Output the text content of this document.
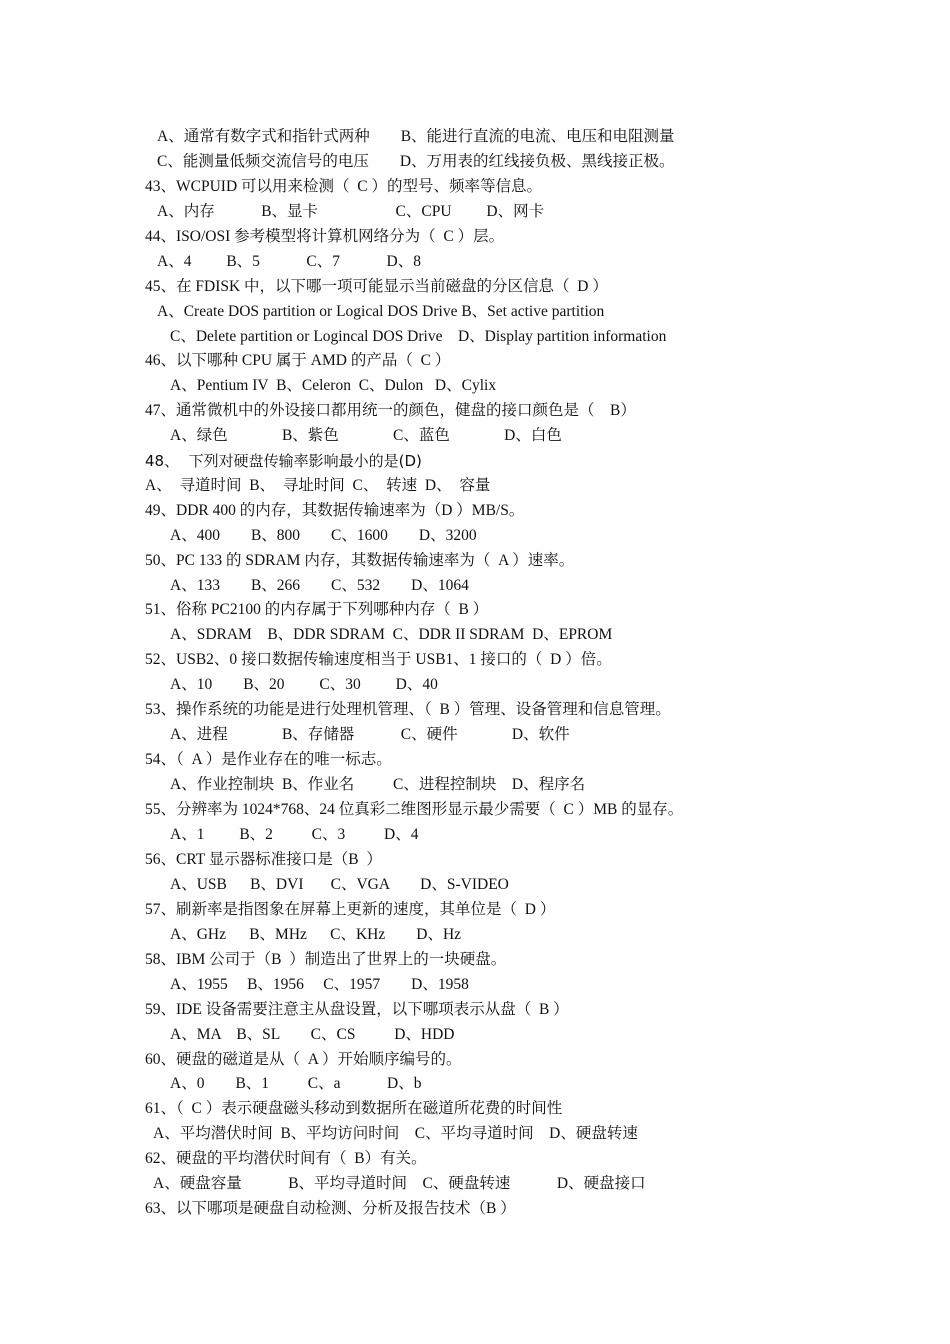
A、通常有数字式和指针式两种        B、能进行直流的电流、电压和电阻测量
C、能测量低频交流信号的电压        D、万用表的红线接负极、黑线接正极。
43、WCPUID 可以用来检测（  C ）的型号、频率等信息。
A、内存            B、显卡                    C、CPU         D、网卡
44、ISO/OSI 参考模型将计算机网络分为（  C ）层。
A、4         B、5            C、7            D、8
45、在 FDISK 中，以下哪一项可能显示当前磁盘的分区信息（  D ）
A、Create DOS partition or Logical DOS Drive B、Set active partition
C、Delete partition or Logincal DOS Drive    D、Display partition information
46、以下哪种 CPU 属于 AMD 的产品（  C ）
A、Pentium IV  B、Celeron  C、Dulon   D、Cylix
47、通常微机中的外设接口都用统一的颜色，健盘的接口颜色是（    B）
A、绿色              B、紫色              C、蓝色              D、白色
48、  下列对硬盘传输率影响最小的是(D)
A、  寻道时间  B、  寻址时间  C、  转速  D、  容量
49、DDR 400 的内存，其数据传输速率为（D ）MB/S。
A、400        B、800        C、1600        D、3200
50、PC 133 的 SDRAM 内存，其数据传输速率为（  A ）速率。
A、133        B、266        C、532        D、1064
51、俗称 PC2100 的内存属于下列哪种内存（  B ）
A、SDRAM    B、DDR SDRAM  C、DDR II SDRAM  D、EPROM
52、USB2、0 接口数据传输速度相当于 USB1、1 接口的（  D ）倍。
A、10        B、20         C、30         D、40
53、操作系统的功能是进行处理机管理、（  B ）管理、设备管理和信息管理。
A、进程              B、存储器            C、硬件              D、软件
54、（  A ）是作业存在的唯一标志。
A、作业控制块  B、作业名          C、进程控制块    D、程序名
55、分辨率为 1024*768、24 位真彩二维图形显示最少需要（  C ）MB 的显存。
A、1         B、2          C、3          D、4
56、CRT 显示器标准接口是（B  ）
A、USB      B、DVI       C、VGA        D、S-VIDEO
57、刷新率是指图象在屏幕上更新的速度，其单位是（  D ）
A、GHz      B、MHz      C、KHz        D、Hz
58、IBM 公司于（B  ）制造出了世界上的一块硬盘。
A、1955     B、1956     C、1957        D、1958
59、IDE 设备需要注意主从盘设置，以下哪项表示从盘（  B ）
A、MA    B、SL        C、CS          D、HDD
60、硬盘的磁道是从（  A ）开始顺序编号的。
A、0        B、1          C、a            D、b
61、（  C ）表示硬盘磁头移动到数据所在磁道所花费的时间性
A、平均潜伏时间  B、平均访问时间    C、平均寻道时间    D、硬盘转速
62、硬盘的平均潜伏时间有（  B）有关。
A、硬盘容量            B、平均寻道时间    C、硬盘转速            D、硬盘接口
63、以下哪项是硬盘自动检测、分析及报告技术（B ）
